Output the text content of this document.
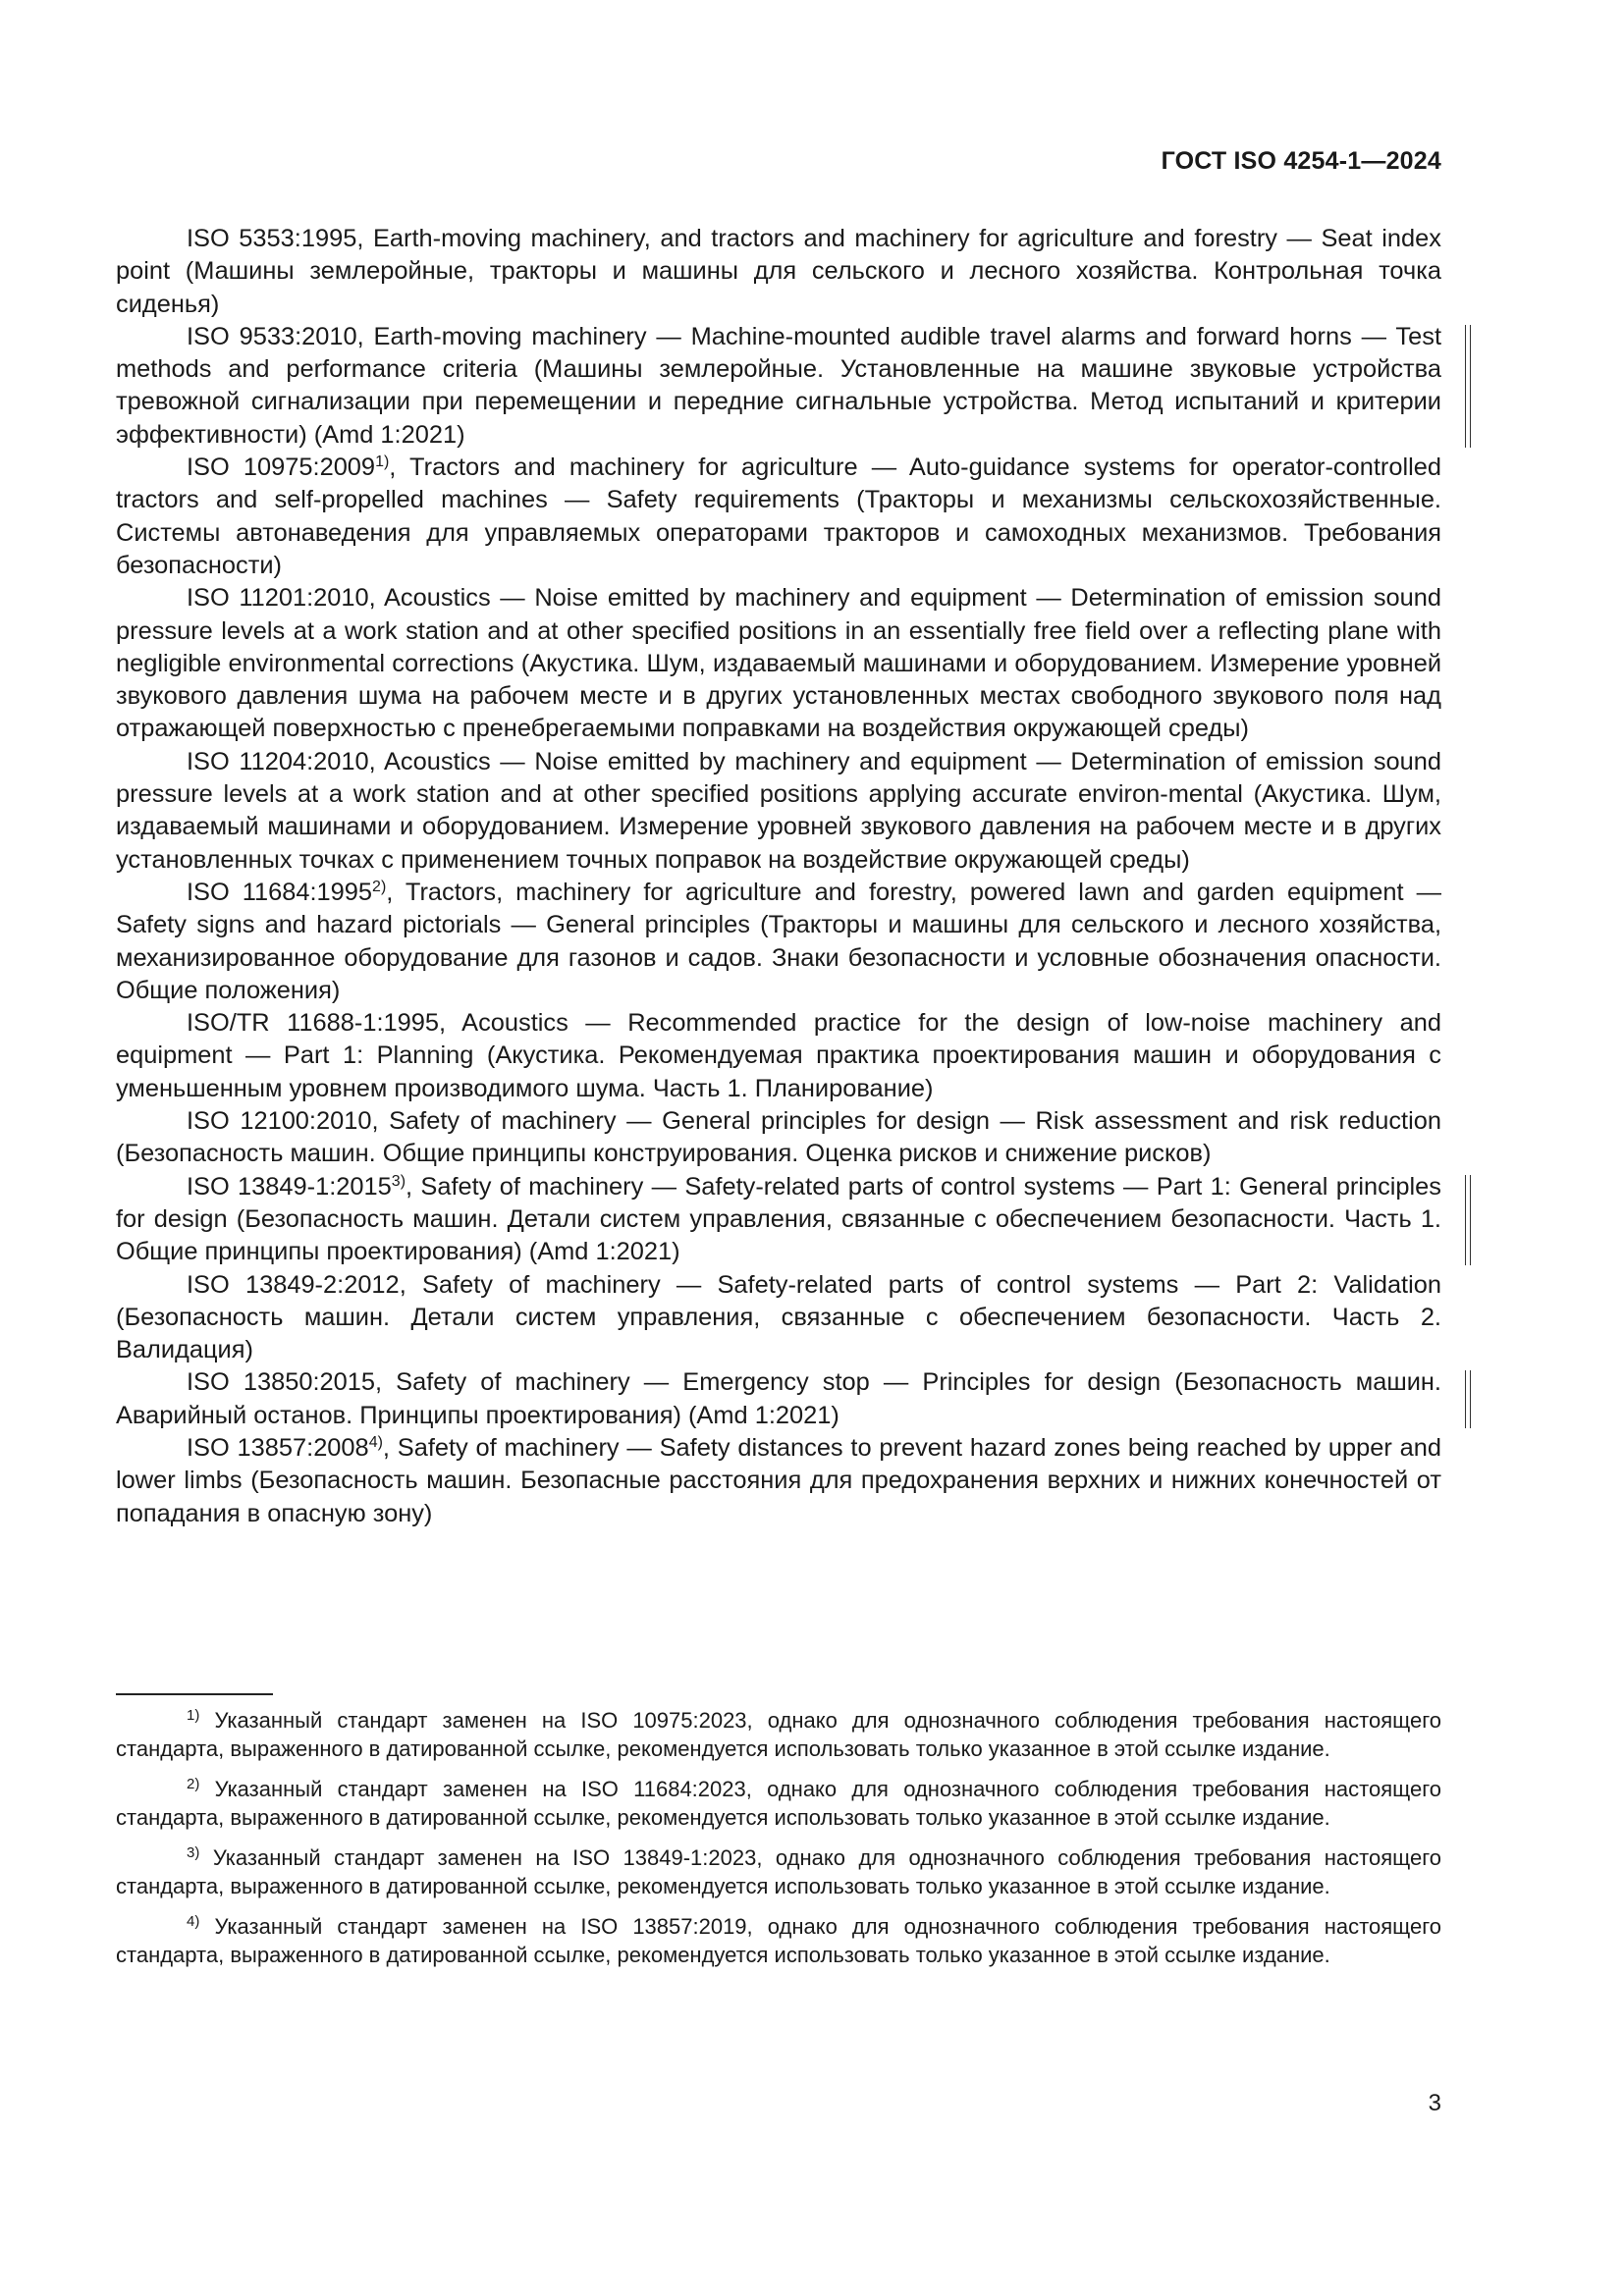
ГОСТ ISO 4254-1—2024

ISO 5353:1995, Earth-moving machinery, and tractors and machinery for agriculture and forestry — Seat index point (Машины землеройные, тракторы и машины для сельского и лесного хозяйства. Контрольная точка сиденья)

ISO 9533:2010, Earth-moving machinery — Machine-mounted audible travel alarms and forward horns — Test methods and performance criteria (Машины землеройные. Установленные на машине звуковые устройства тревожной сигнализации при перемещении и передние сигнальные устройства. Метод испытаний и критерии эффективности) (Amd 1:2021)

ISO 10975:2009$^{1)}$, Tractors and machinery for agriculture — Auto-guidance systems for operator-controlled tractors and self-propelled machines — Safety requirements (Тракторы и механизмы сельскохозяйственные. Системы автонаведения для управляемых операторами тракторов и самоходных механизмов. Требования безопасности)

ISO 11201:2010, Acoustics — Noise emitted by machinery and equipment — Determination of emission sound pressure levels at a work station and at other specified positions in an essentially free field over a reflecting plane with negligible environmental corrections (Акустика. Шум, издаваемый машинами и оборудованием. Измерение уровней звукового давления шума на рабочем месте и в других установленных местах свободного звукового поля над отражающей поверхностью с пренебрегаемыми поправками на воздействия окружающей среды)

ISO 11204:2010, Acoustics — Noise emitted by machinery and equipment — Determination of emission sound pressure levels at a work station and at other specified positions applying accurate environ-mental (Акустика. Шум, издаваемый машинами и оборудованием. Измерение уровней звукового давления на рабочем месте и в других установленных точках с применением точных поправок на воздействие окружающей среды)

ISO 11684:1995$^{2)}$, Tractors, machinery for agriculture and forestry, powered lawn and garden equipment — Safety signs and hazard pictorials — General principles (Тракторы и машины для сельского и лесного хозяйства, механизированное оборудование для газонов и садов. Знаки безопасности и условные обозначения опасности. Общие положения)

ISO/TR 11688-1:1995, Acoustics — Recommended practice for the design of low-noise machinery and equipment — Part 1: Planning (Акустика. Рекомендуемая практика проектирования машин и оборудования с уменьшенным уровнем производимого шума. Часть 1. Планирование)

ISO 12100:2010, Safety of machinery — General principles for design — Risk assessment and risk reduction (Безопасность машин. Общие принципы конструирования. Оценка рисков и снижение рисков)

ISO 13849-1:2015$^{3)}$, Safety of machinery — Safety-related parts of control systems — Part 1: General principles for design (Безопасность машин. Детали систем управления, связанные с обеспечением безопасности. Часть 1. Общие принципы проектирования) (Amd 1:2021)

ISO 13849-2:2012, Safety of machinery — Safety-related parts of control systems — Part 2: Validation (Безопасность машин. Детали систем управления, связанные с обеспечением безопасности. Часть 2. Валидация)

ISO 13850:2015, Safety of machinery — Emergency stop — Principles for design (Безопасность машин. Аварийный останов. Принципы проектирования) (Amd 1:2021)

ISO 13857:2008$^{4)}$, Safety of machinery — Safety distances to prevent hazard zones being reached by upper and lower limbs (Безопасность машин. Безопасные расстояния для предохранения верхних и нижних конечностей от попадания в опасную зону)

$^{1)}$ Указанный стандарт заменен на ISO 10975:2023, однако для однозначного соблюдения требования настоящего стандарта, выраженного в датированной ссылке, рекомендуется использовать только указанное в этой ссылке издание.

$^{2)}$ Указанный стандарт заменен на ISO 11684:2023, однако для однозначного соблюдения требования настоящего стандарта, выраженного в датированной ссылке, рекомендуется использовать только указанное в этой ссылке издание.

$^{3)}$ Указанный стандарт заменен на ISO 13849-1:2023, однако для однозначного соблюдения требования настоящего стандарта, выраженного в датированной ссылке, рекомендуется использовать только указанное в этой ссылке издание.

$^{4)}$ Указанный стандарт заменен на ISO 13857:2019, однако для однозначного соблюдения требования настоящего стандарта, выраженного в датированной ссылке, рекомендуется использовать только указанное в этой ссылке издание.

3
